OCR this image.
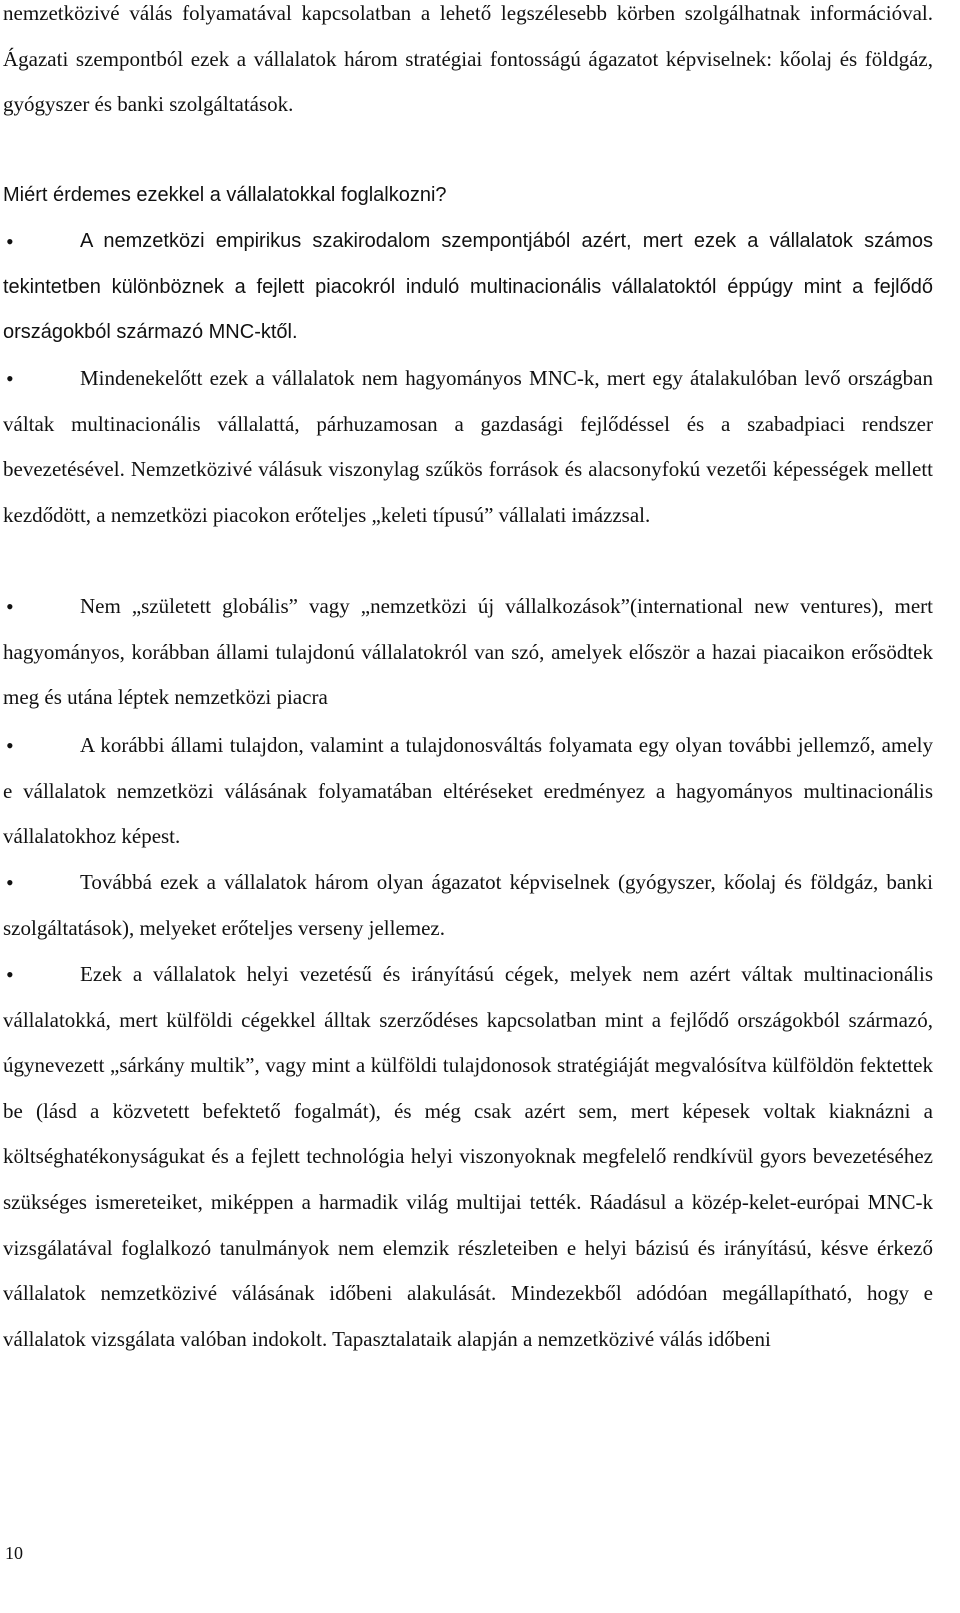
nemzetközivé válás folyamatával kapcsolatban a lehető legszélesebb körben szolgálhatnak információval. Ágazati szempontból ezek a vállalatok három stratégiai fontosságú ágazatot képviselnek: kőolaj és földgáz, gyógyszer és banki szolgáltatások.

Miért érdemes ezekkel a vállalatokkal foglalkozni?

•	A nemzetközi empirikus szakirodalom szempontjából azért, mert ezek a vállalatok számos tekintetben különböznek a fejlett piacokról induló multinacionális vállalatoktól éppúgy mint a fejlődő országokból származó MNC-ktől.

•	Mindenekelőtt ezek a vállalatok nem hagyományos MNC-k, mert egy átalakulóban levő országban váltak multinacionális vállalattá, párhuzamosan a gazdasági fejlődéssel és a szabadpiaci rendszer bevezetésével. Nemzetközivé válásuk viszonylag szűkös források és alacsonyfokú vezetői képességek mellett kezdődött, a nemzetközi piacokon erőteljes „keleti típusú” vállalati imázzsal.

•	Nem „született globális” vagy „nemzetközi új vállalkozások”(international new ventures), mert hagyományos, korábban állami tulajdonú vállalatokról van szó, amelyek először a hazai piacaikon erősödtek meg és utána léptek nemzetközi piacra

•	A korábbi állami tulajdon, valamint a tulajdonosváltás folyamata egy olyan további jellemző, amely e vállalatok nemzetközi válásának folyamatában eltéréseket eredményez a hagyományos multinacionális vállalatokhoz képest.

•	Továbbá ezek a vállalatok három olyan ágazatot képviselnek (gyógyszer, kőolaj és földgáz, banki szolgáltatások), melyeket erőteljes verseny jellemez.

•	Ezek a vállalatok helyi vezetésű és irányítású cégek, melyek nem azért váltak multinacionális vállalatokká, mert külföldi cégekkel álltak szerződéses kapcsolatban mint a fejlődő országokból származó, úgynevezett „sárkány multik”, vagy mint a külföldi tulajdonosok stratégiáját megvalósítva külföldön fektettek be (lásd a közvetett befektető fogalmát), és még csak azért sem, mert képesek voltak kiaknázni a költséghatékonyságukat és a fejlett technológia helyi viszonyoknak megfelelő rendkívül gyors bevezetéséhez szükséges ismereteiket, miképpen a harmadik világ multijai tették. Ráadásul a közép-kelet-európai MNC-k vizsgálatával foglalkozó tanulmányok nem elemzik részleteiben e helyi bázisú és irányítású, késve érkező vállalatok nemzetközivé válásának időbeni alakulását. Mindezekből adódóan megállapítható, hogy e vállalatok vizsgálata valóban indokolt. Tapasztalataik alapján a nemzetközivé válás időbeni

10
